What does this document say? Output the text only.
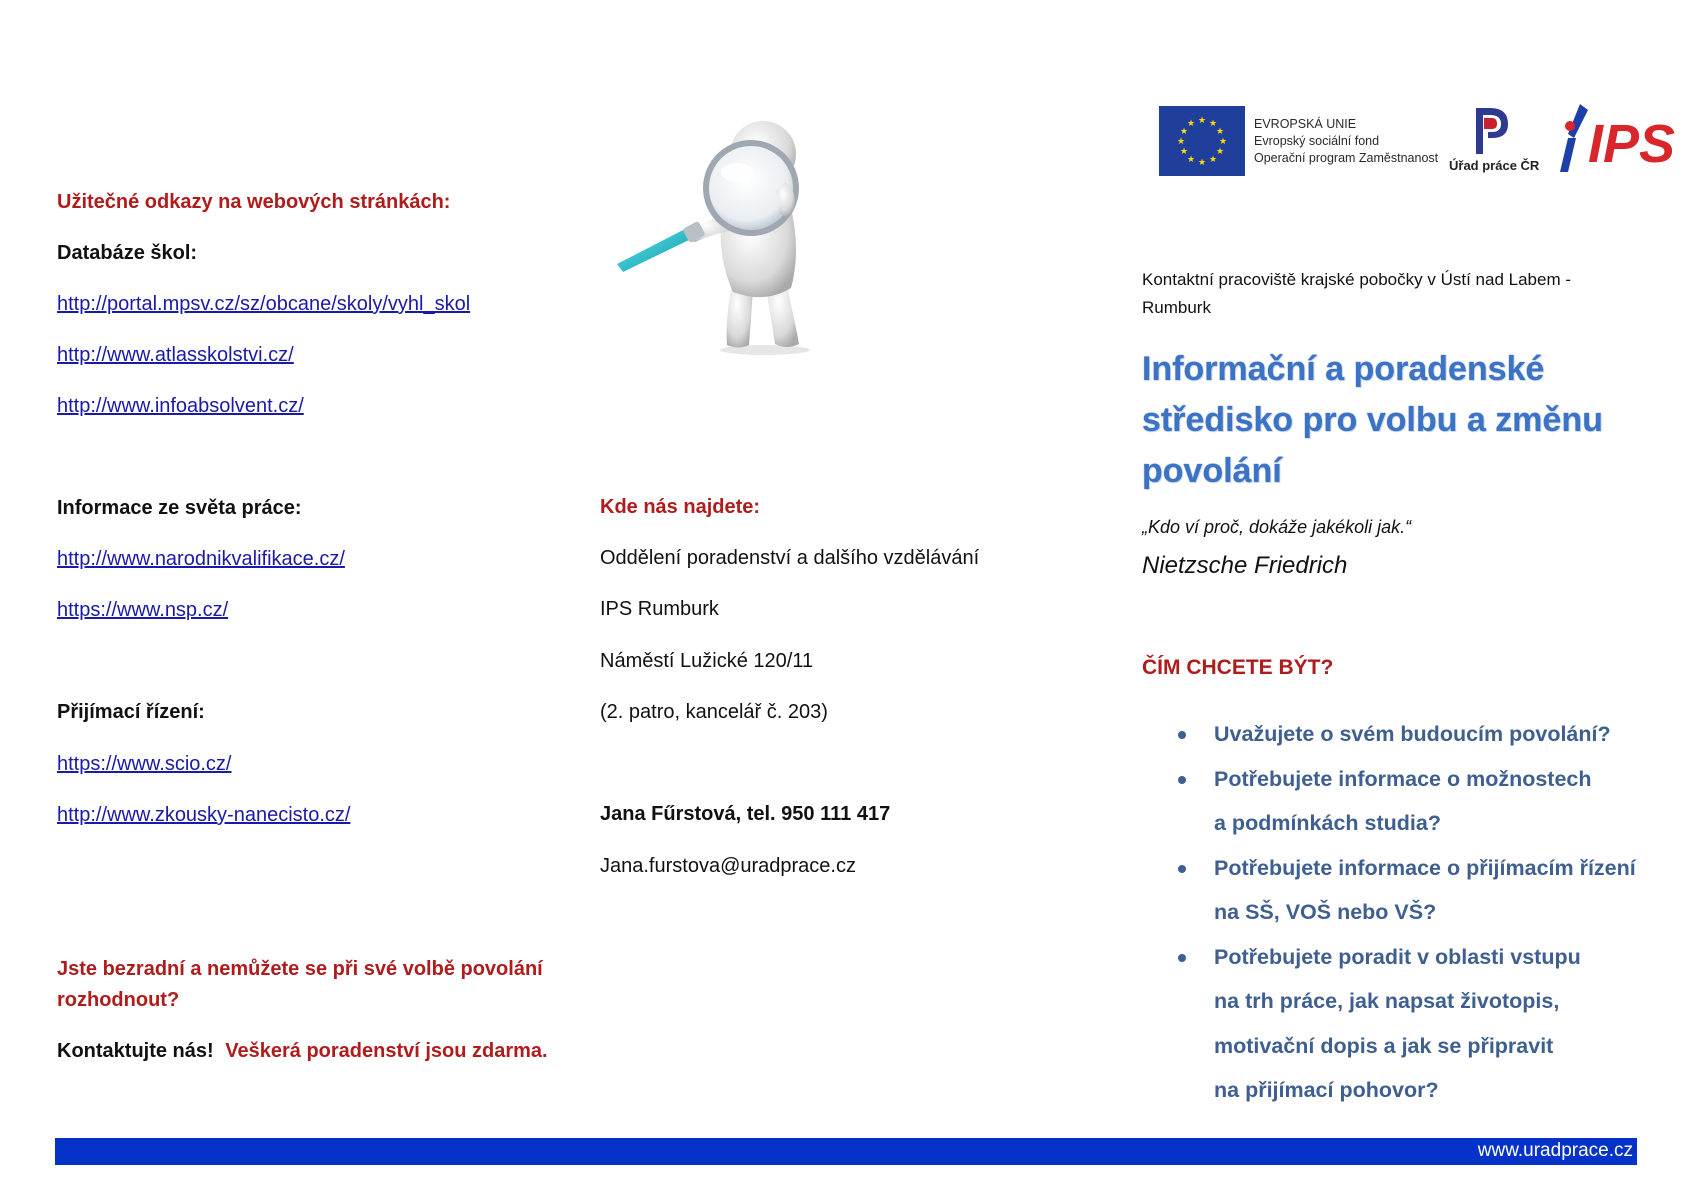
Užitečné odkazy na webových stránkách:
Databáze škol:
http://portal.mpsv.cz/sz/obcane/skoly/vyhl_skol
http://www.atlasskolstvi.cz/
http://www.infoabsolvent.cz/
Informace ze světa práce:
http://www.narodnikvalifikace.cz/
https://www.nsp.cz/
Přijímací řízení:
https://www.scio.cz/
http://www.zkousky-nanecisto.cz/
Jste bezradní a nemůžete se při své volbě povolání
rozhodnout?
Kontaktujte nás! Veškerá poradenství jsou zdarma.
Kde nás najdete:
Oddělení poradenství a dalšího vzdělávání
IPS Rumburk
Náměstí Lužické 120/11
(2. patro, kancelář č. 203)
Jana Fűrstová, tel. 950 111 417
Jana.furstova@uradprace.cz
★ ★
★
★
★
★
★
★
★
★
★
★	EVROPSKÁ UNIE
Evropský sociální fond
Operační program Zaměstnanost Úřad práce ČR IPS
Kontaktní pracoviště krajské pobočky v Ústí nad Labem -
Rumburk
Informační a poradenské
středisko pro volbu a změnu
povolání
„Kdo ví proč, dokáže jakékoli jak.“
Nietzsche Friedrich
ČÍM CHCETE BÝT?
Uvažujete o svém budoucím povolání?
Potřebujete informace o možnostech
a podmínkách studia?
Potřebujete informace o přijímacím řízení
na SŠ, VOŠ nebo VŠ?
Potřebujete poradit v oblasti vstupu
na trh práce, jak napsat životopis,
motivační dopis a jak se připravit
na přijímací pohovor?
www.uradprace.cz
